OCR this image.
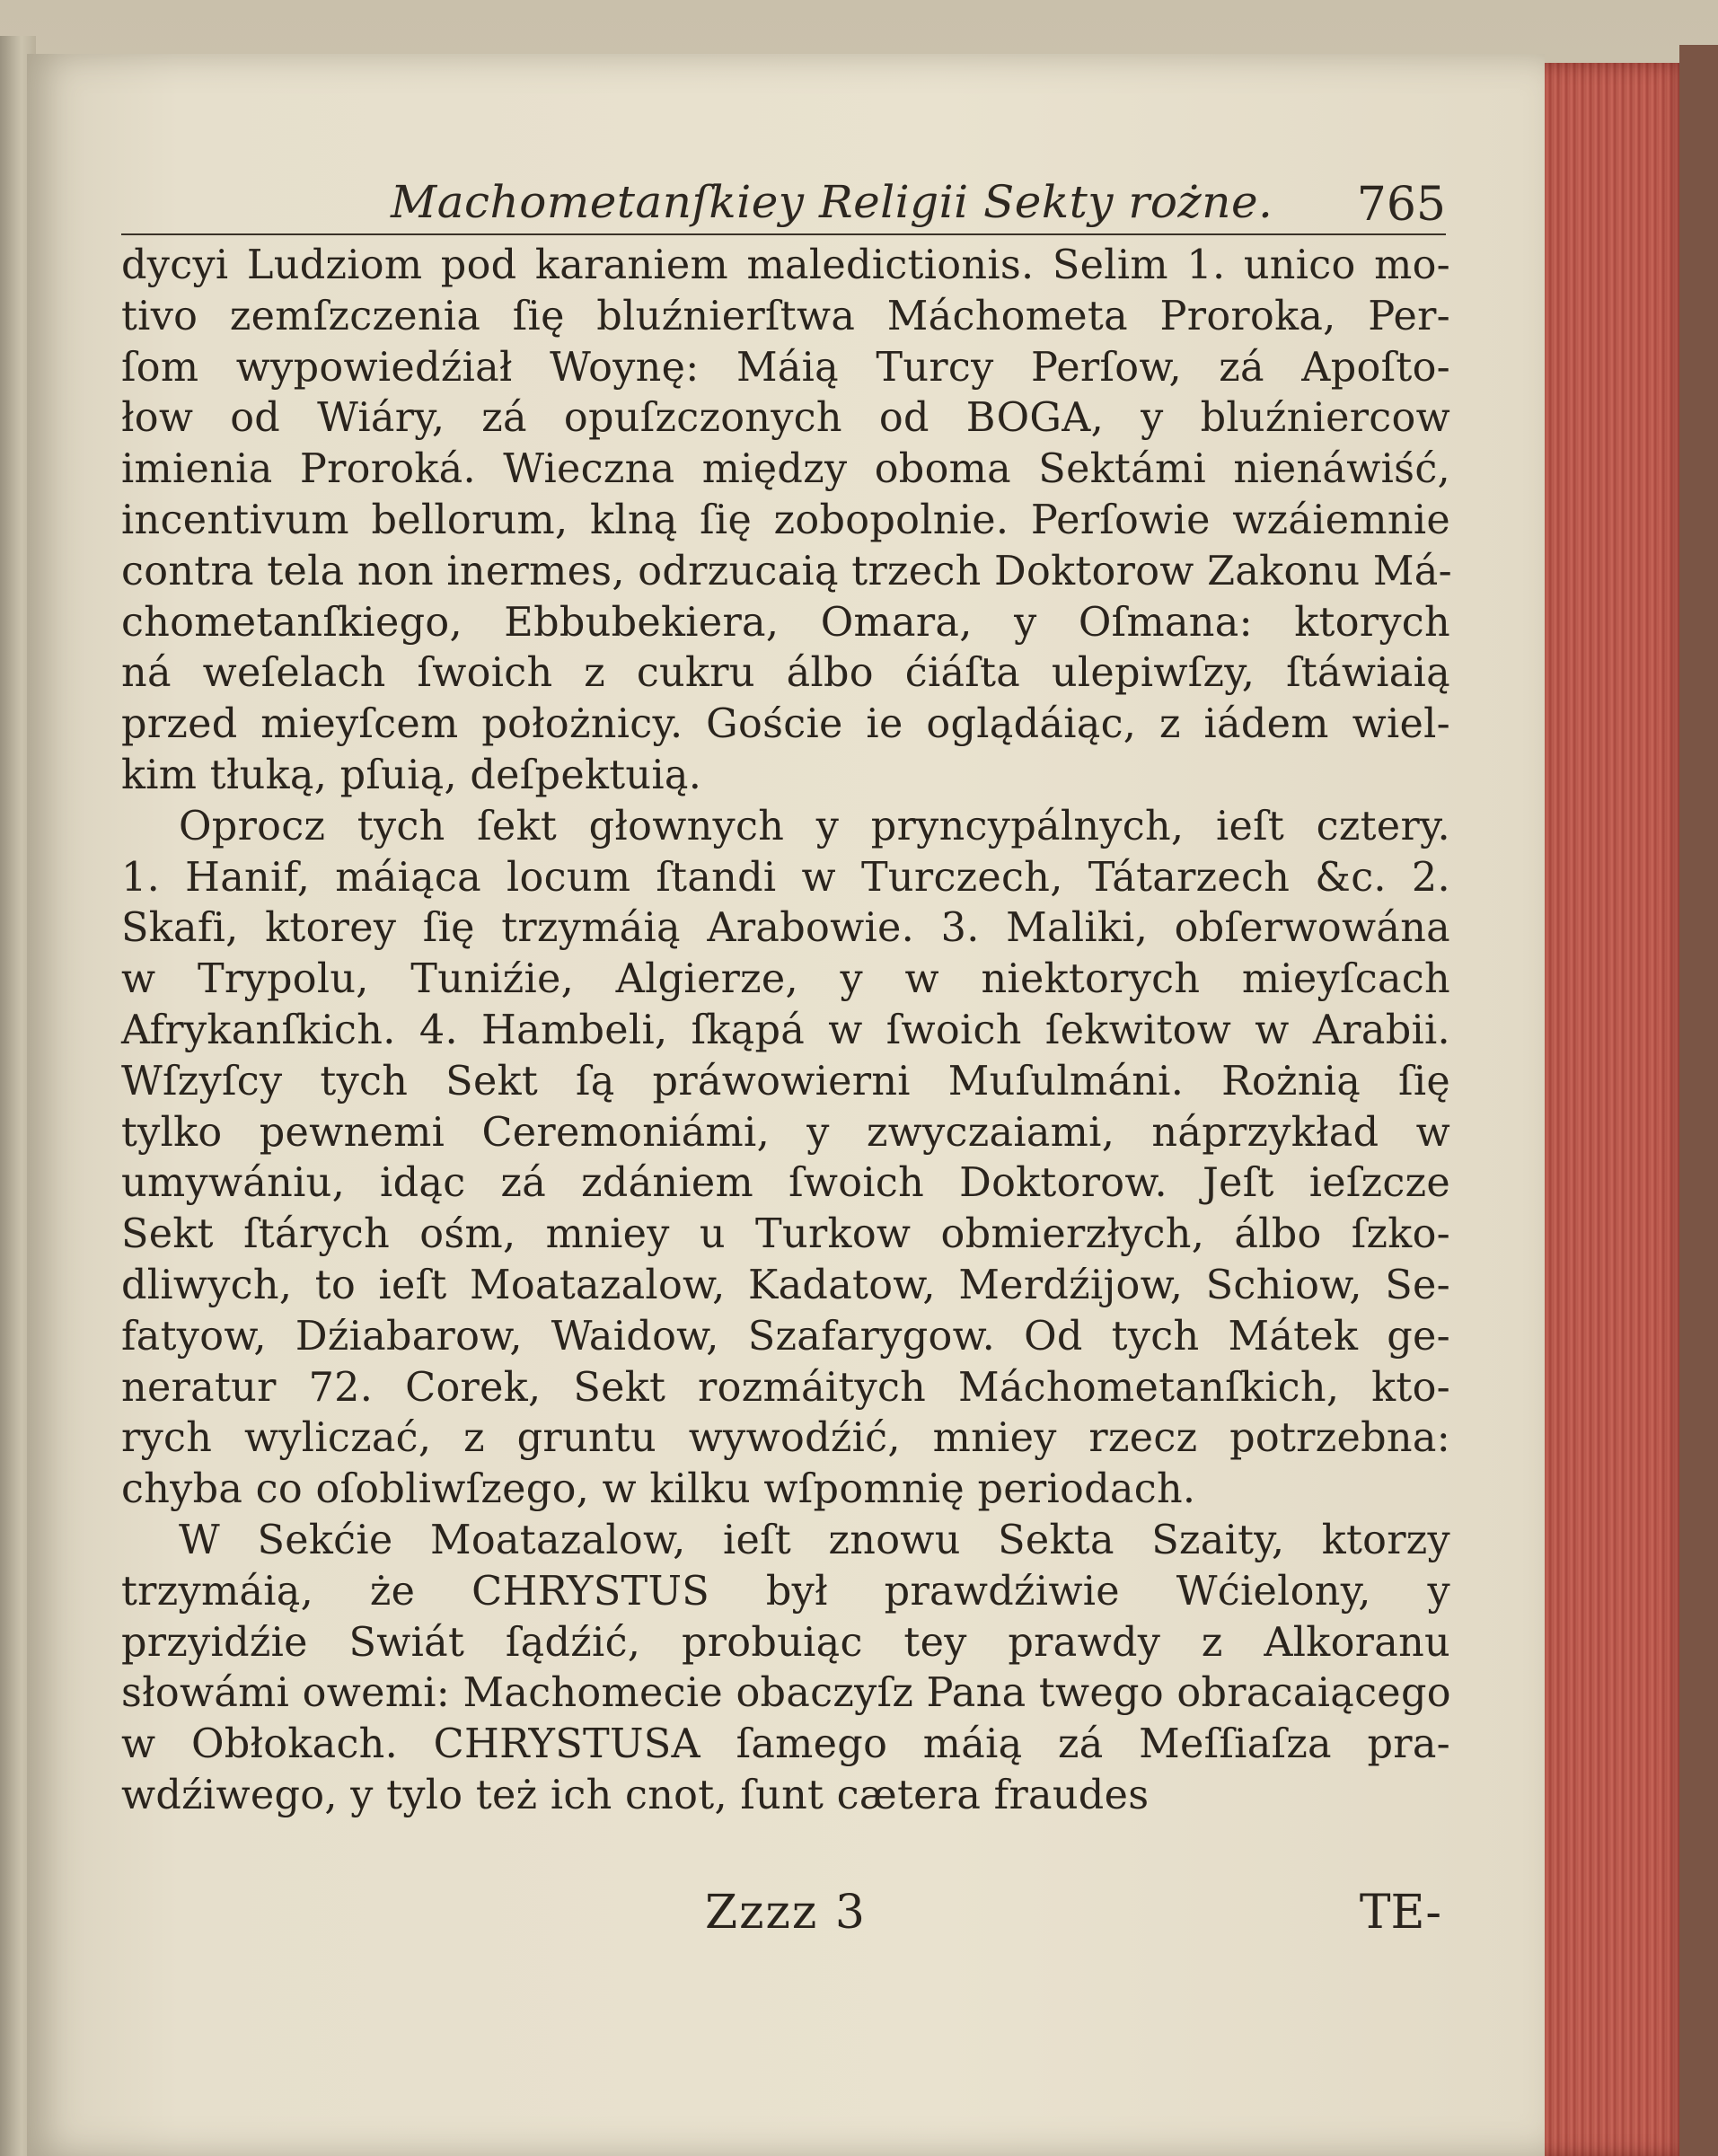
Machometanſkiey Religii Sekty rożne. 765
dycyi Ludziom pod karaniem maledictionis. Selim 1. unico mo-
tivo zemſzczenia ſię bluźnierſtwa Máchometa Proroka, Per-
ſom wypowiedźiał Woynę: Máią Turcy Perſow, zá Apoſto-
łow od Wiáry, zá opuſzczonych od BOGA, y bluźniercow
imienia Proroká. Wieczna między oboma Sektámi nienáwiść,
incentivum bellorum, klną ſię zobopolnie. Perſowie wzáiemnie
contra tela non inermes, odrzucaią trzech Doktorow Zakonu Má-
chometanſkiego, Ebbubekiera, Omara, y Oſmana: ktorych
ná weſelach ſwoich z cukru álbo ćiáſta ulepiwſzy, ſtáwiaią
przed mieyſcem położnicy. Goście ie oglądáiąc, z iádem wiel-
kim tłuką, pſuią, deſpektuią.
Oprocz tych ſekt głownych y pryncypálnych, ieſt cztery.
1. Hanif, máiąca locum ſtandi w Turczech, Tátarzech &c. 2.
Skafi, ktorey ſię trzymáią Arabowie. 3. Maliki, obſerwowána
w Trypolu, Tuniźie, Algierze, y w niektorych mieyſcach
Afrykanſkich. 4. Hambeli, ſkąpá w ſwoich ſekwitow w Arabii.
Wſzyſcy tych Sekt ſą práwowierni Muſulmáni. Rożnią ſię
tylko pewnemi Ceremoniámi, y zwyczaiami, náprzykład w
umywániu, idąc zá zdániem ſwoich Doktorow. Jeſt ieſzcze
Sekt ſtárych ośm, mniey u Turkow obmierzłych, álbo ſzko-
dliwych, to ieſt Moatazalow, Kadatow, Merdźijow, Schiow, Se-
fatyow, Dźiabarow, Waidow, Szafarygow. Od tych Mátek ge-
neratur 72. Corek, Sekt rozmáitych Máchometanſkich, kto-
rych wyliczać, z gruntu wywodźić, mniey rzecz potrzebna:
chyba co oſobliwſzego, w kilku wſpomnię periodach.
W Sekćie Moatazalow, ieſt znowu Sekta Szaity, ktorzy
trzymáią, że CHRYSTUS był prawdźiwie Wćielony, y
przyidźie Swiát ſądźić, probuiąc tey prawdy z Alkoranu
słowámi owemi: Machomecie obaczyſz Pana twego obracaiącego
w Obłokach. CHRYSTUSA ſamego máią zá Meſſiaſza pra-
wdźiwego, y tylo też ich cnot, ſunt cætera fraudes
Zzzz 3	TE-
